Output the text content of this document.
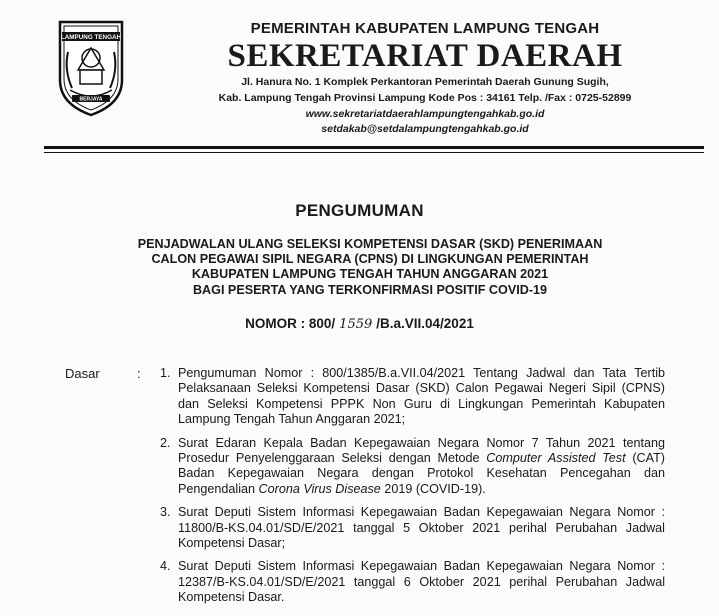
LAMPUNG TENGAH
BERJAYA
PEMERINTAH KABUPATEN LAMPUNG TENGAH
SEKRETARIAT DAERAH
Jl. Hanura No. 1 Komplek Perkantoran Pemerintah Daerah Gunung Sugih,
Kab. Lampung Tengah Provinsi Lampung Kode Pos : 34161 Telp. /Fax : 0725-52899
www.sekretariatdaerahlampungtengahkab.go.id
setdakab@setdalampungtengahkab.go.id
PENGUMUMAN
PENJADWALAN ULANG SELEKSI KOMPETENSI DASAR (SKD) PENERIMAAN
CALON PEGAWAI SIPIL NEGARA (CPNS) DI LINGKUNGAN PEMERINTAH
KABUPATEN LAMPUNG TENGAH TAHUN ANGGARAN 2021
BAGI PESERTA YANG TERKONFIRMASI POSITIF COVID-19
NOMOR : 800/ 1559 /B.a.VII.04/2021
Dasar	: 1. Pengumuman Nomor : 800/1385/B.a.VII.04/2021 Tentang Jadwal dan Tata Tertib Pelaksanaan Seleksi Kompetensi Dasar (SKD) Calon Pegawai Negeri Sipil (CPNS) dan Seleksi Kompetensi PPPK Non Guru di Lingkungan Pemerintah Kabupaten Lampung Tengah Tahun Anggaran 2021;
2. Surat Edaran Kepala Badan Kepegawaian Negara Nomor 7 Tahun 2021 tentang Prosedur Penyelenggaraan Seleksi dengan Metode Computer Assisted Test (CAT) Badan Kepegawaian Negara dengan Protokol Kesehatan Pencegahan dan Pengendalian Corona Virus Disease 2019 (COVID-19).
3. Surat Deputi Sistem Informasi Kepegawaian Badan Kepegawaian Negara Nomor : 11800/B-KS.04.01/SD/E/2021 tanggal 5 Oktober 2021 perihal Perubahan Jadwal Kompetensi Dasar;
4. Surat Deputi Sistem Informasi Kepegawaian Badan Kepegawaian Negara Nomor : 12387/B-KS.04.01/SD/E/2021 tanggal 6 Oktober 2021 perihal Perubahan Jadwal Kompetensi Dasar.
